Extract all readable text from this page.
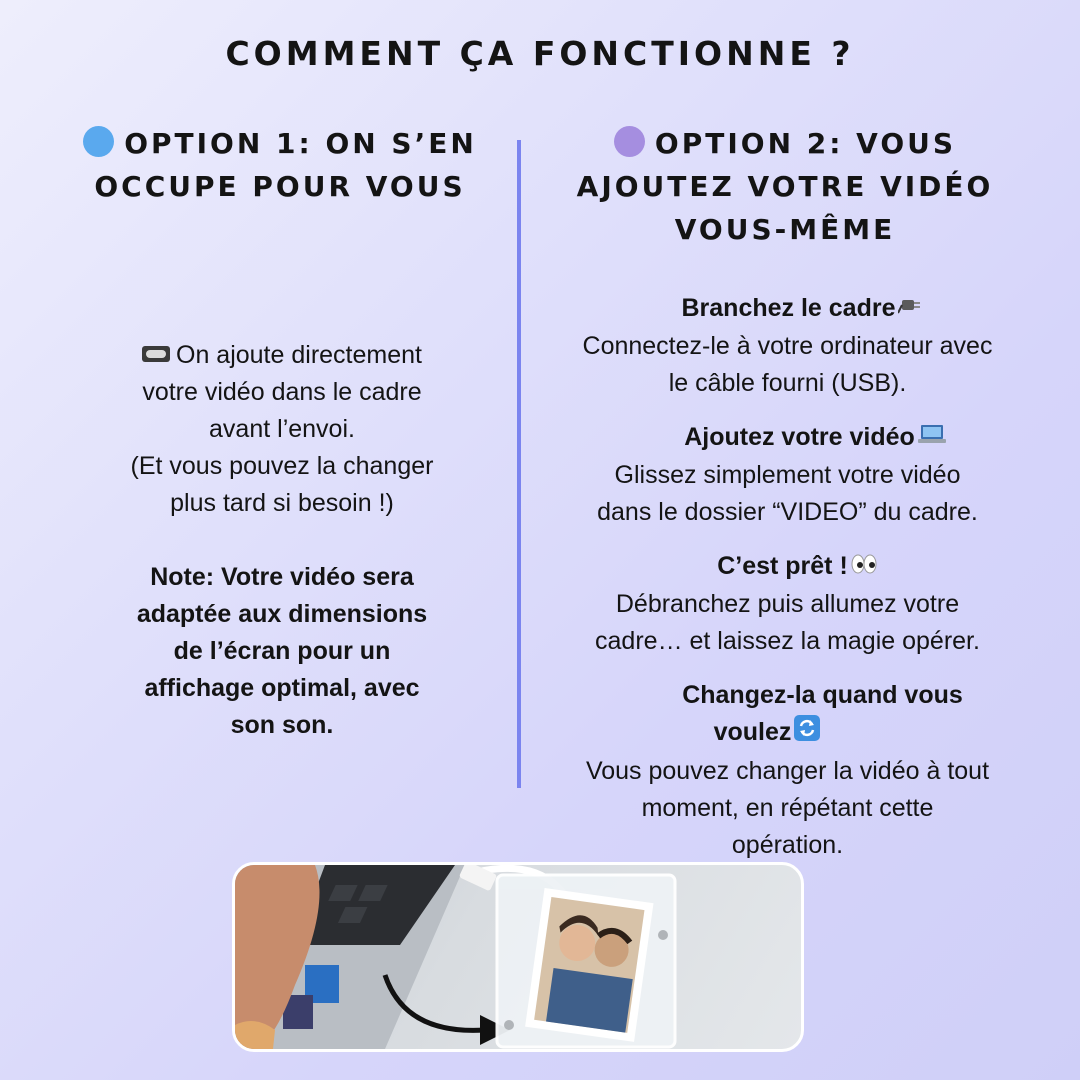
COMMENT ÇA FONCTIONNE ?
OPTION 1: ON S’EN
OCCUPE POUR VOUS
OPTION 2: VOUS
AJOUTEZ VOTRE VIDÉO
VOUS-MÊME
On ajoute directement
votre vidéo dans le cadre
avant l’envoi.
(Et vous pouvez la changer
plus tard si besoin !)
Note: Votre vidéo sera
adaptée aux dimensions
de l’écran pour un
affichage optimal, avec
son son.
Branchez le cadre
Connectez-le à votre ordinateur avec
le câble fourni (USB).
Ajoutez votre vidéo
Glissez simplement votre vidéo
dans le dossier “VIDEO” du cadre.
C’est prêt !
Débranchez puis allumez votre
cadre… et laissez la magie opérer.
Changez-la quand vous
voulez
Vous pouvez changer la vidéo à tout
moment, en répétant cette
opération.
